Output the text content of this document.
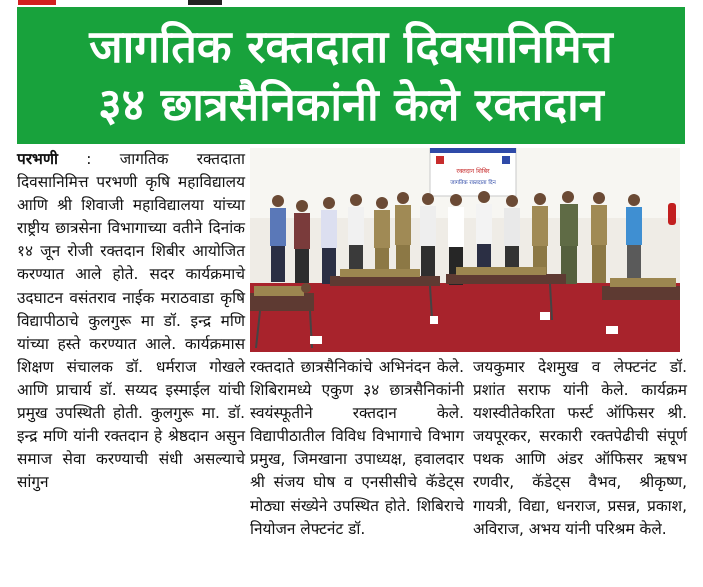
जागतिक रक्तदाता दिवसानिमित्त
३४ छात्रसैनिकांनी केले रक्तदान
परभणी : जागतिक रक्तदाता दिवसानिमित्त परभणी कृषि महाविद्यालय आणि श्री शिवाजी महाविद्यालया यांच्या राष्ट्रीय छात्रसेना विभागाच्या वतीने दिनांक १४ जून रोजी रक्तदान शिबीर आयोजित करण्यात आले होते. सदर कार्यक्रमाचे उदघाटन वसंतराव नाईक मराठवाडा कृषि विद्यापीठाचे कुलगुरू मा डॉ. इन्द्र मणि यांच्या हस्ते करण्यात आले. कार्यक्रमास शिक्षण संचालक डॉ. धर्मराज गोखले आणि प्राचार्य डॉ. सय्यद इस्माईल यांची प्रमुख उपस्थिती होती. कुलगुरू मा. डॉ. इन्द्र मणि यांनी रक्तदान हे श्रेष्ठदान असुन समाज सेवा करण्याची संधी असल्याचे सांगुन
रक्तदान शिबिर
जागतिक रक्तदाता दिन
रक्तदाते छात्रसैनिकांचे अभिनंदन केले. शिबिरामध्ये एकुण ३४ छात्रसैनिकांनी स्वयंस्फूतीने रक्तदान केले. विद्यापीठातील विविध विभागाचे विभाग प्रमुख, जिमखाना उपाध्यक्ष, हवालदार श्री संजय घोष व एनसीसीचे कॅडेट्स मोठ्या संख्येने उपस्थित होते. शिबिराचे नियोजन लेफ्टनंट डॉ.
जयकुमार देशमुख व लेफ्टनंट डॉ. प्रशांत सराफ यांनी केले. कार्यक्रम यशस्वीतेकरिता फर्स्ट ऑफिसर श्री. जयपूरकर, सरकारी रक्तपेढीची संपूर्ण पथक आणि अंडर ऑफिसर ऋषभ रणवीर, कॅडेट्स वैभव, श्रीकृष्ण, गायत्री, विद्या, धनराज, प्रसन्न, प्रकाश, अविराज, अभय यांनी परिश्रम केले.
